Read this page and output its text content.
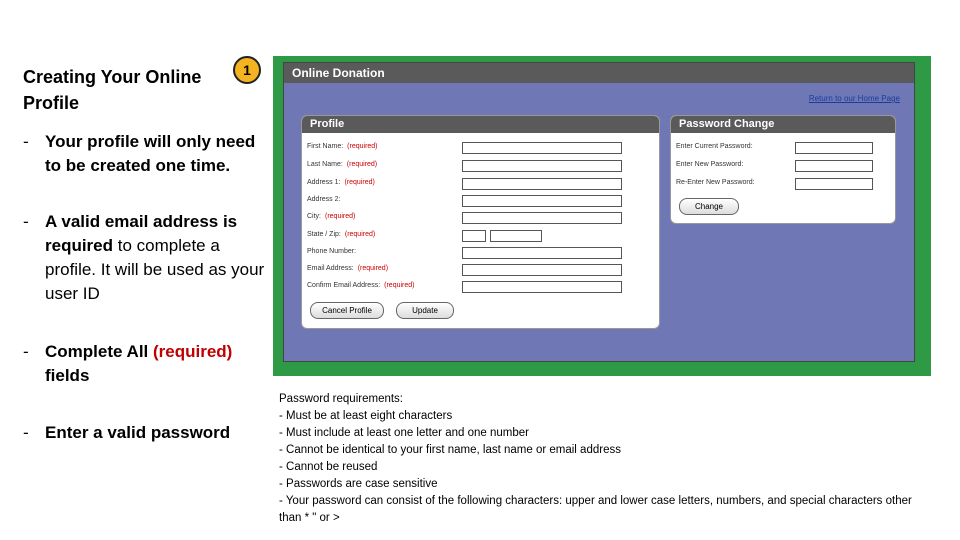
Creating Your Online Profile
1
- Your profile will only need to be created one time.
- A valid email address is required to complete a profile. It will be used as your user ID
- Complete All (required) fields
- Enter a valid password
Online Donation
Return to our Home Page
Profile
First Name: (required)
Last Name: (required)
Address 1: (required)
Address 2:
City: (required)
State / Zip: (required)
Phone Number:
Email Address: (required)
Confirm Email Address: (required)
Cancel Profile	Update
Password Change
Enter Current Password:
Enter New Password:
Re-Enter New Password:
Change
Password requirements:
- Must be at least eight characters
- Must include at least one letter and one number
- Cannot be identical to your first name, last name or email address
- Cannot be reused
- Passwords are case sensitive
- Your password can consist of the following characters: upper and lower case letters, numbers, and special characters other than * " or >
